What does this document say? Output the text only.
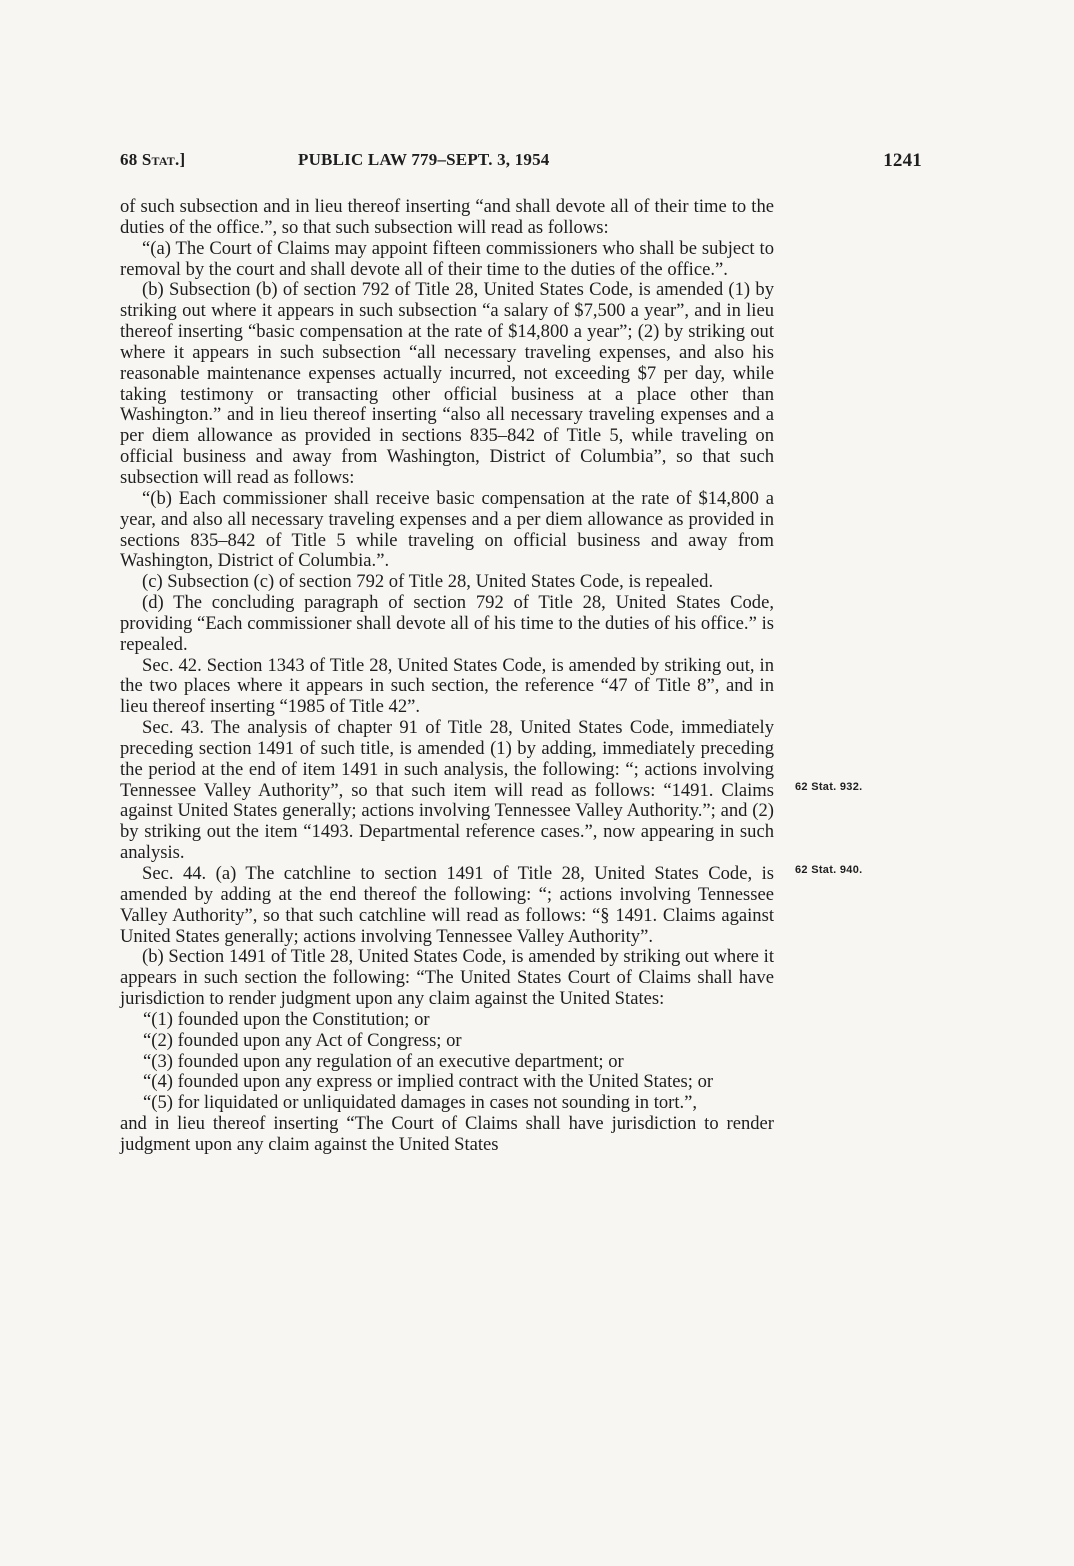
68 Stat.]	PUBLIC LAW 779–SEPT. 3, 1954	1241

of such subsection and in lieu thereof inserting “and shall devote all of their time to the duties of the office.”, so that such subsection will read as follows:

“(a) The Court of Claims may appoint fifteen commissioners who shall be subject to removal by the court and shall devote all of their time to the duties of the office.”.

(b) Subsection (b) of section 792 of Title 28, United States Code, is amended (1) by striking out where it appears in such subsection “a salary of $7,500 a year”, and in lieu thereof inserting “basic compensation at the rate of $14,800 a year”; (2) by striking out where it appears in such subsection “all necessary traveling expenses, and also his reasonable maintenance expenses actually incurred, not exceeding $7 per day, while taking testimony or transacting other official business at a place other than Washington.” and in lieu thereof inserting “also all necessary traveling expenses and a per diem allowance as provided in sections 835–842 of Title 5, while traveling on official business and away from Washington, District of Columbia”, so that such subsection will read as follows:

“(b) Each commissioner shall receive basic compensation at the rate of $14,800 a year, and also all necessary traveling expenses and a per diem allowance as provided in sections 835–842 of Title 5 while traveling on official business and away from Washington, District of Columbia.”.

(c) Subsection (c) of section 792 of Title 28, United States Code, is repealed.

(d) The concluding paragraph of section 792 of Title 28, United States Code, providing “Each commissioner shall devote all of his time to the duties of his office.” is repealed.

Sec. 42. Section 1343 of Title 28, United States Code, is amended by striking out, in the two places where it appears in such section, the reference “47 of Title 8”, and in lieu thereof inserting “1985 of Title 42”.

Sec. 43. The analysis of chapter 91 of Title 28, United States Code, immediately preceding section 1491 of such title, is amended (1) by adding, immediately preceding the period at the end of item 1491 in such analysis, the following: “; actions involving Tennessee Valley Authority”, so that such item will read as follows: “1491. Claims against United States generally; actions involving Tennessee Valley Authority.”; and (2) by striking out the item “1493. Departmental reference cases.”, now appearing in such analysis.

Sec. 44. (a) The catchline to section 1491 of Title 28, United States Code, is amended by adding at the end thereof the following: “; actions involving Tennessee Valley Authority”, so that such catchline will read as follows: “§ 1491. Claims against United States generally; actions involving Tennessee Valley Authority”.

(b) Section 1491 of Title 28, United States Code, is amended by striking out where it appears in such section the following: “The United States Court of Claims shall have jurisdiction to render judgment upon any claim against the United States:

“(1) founded upon the Constitution; or

“(2) founded upon any Act of Congress; or

“(3) founded upon any regulation of an executive department; or

“(4) founded upon any express or implied contract with the United States; or

“(5) for liquidated or unliquidated damages in cases not sounding in tort.”,

and in lieu thereof inserting “The Court of Claims shall have jurisdiction to render judgment upon any claim against the United States

62 Stat. 932.
62 Stat. 940.
